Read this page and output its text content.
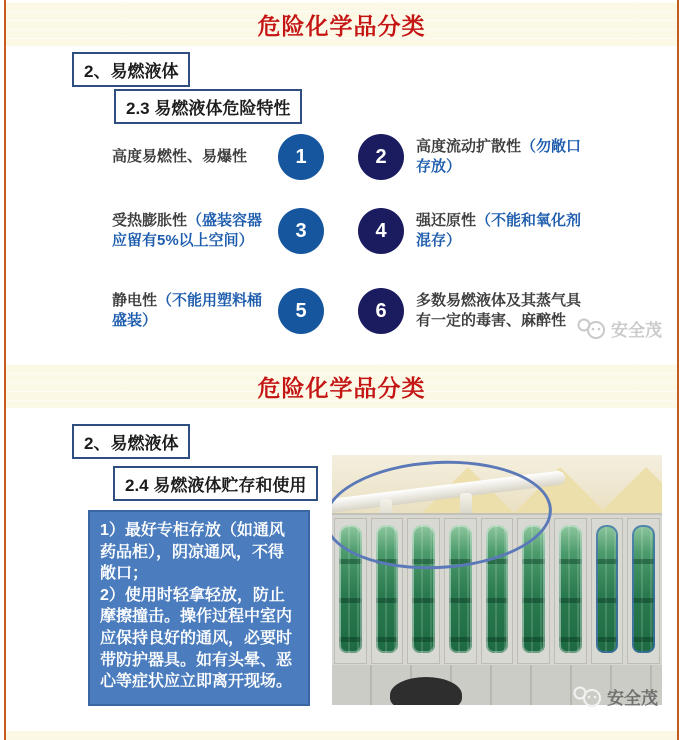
危险化学品分类
2、易燃液体
2.3 易燃液体危险特性
高度易燃性、易爆性	1	2	高度流动扩散性（勿敞口存放）
受热膨胀性（盛装容器应留有5%以上空间）	3	4	强还原性（不能和氧化剂混存）
静电性（不能用塑料桶盛装）	5	6	多数易燃液体及其蒸气具有一定的毒害、麻醉性
安全茂
危险化学品分类
2、易燃液体
2.4 易燃液体贮存和使用
1）最好专柜存放（如通风药品柜），阴凉通风，不得敞口；
2）使用时轻拿轻放，防止摩擦撞击。操作过程中室内应保持良好的通风，必要时带防护器具。如有头晕、恶心等症状应立即离开现场。
安全茂
